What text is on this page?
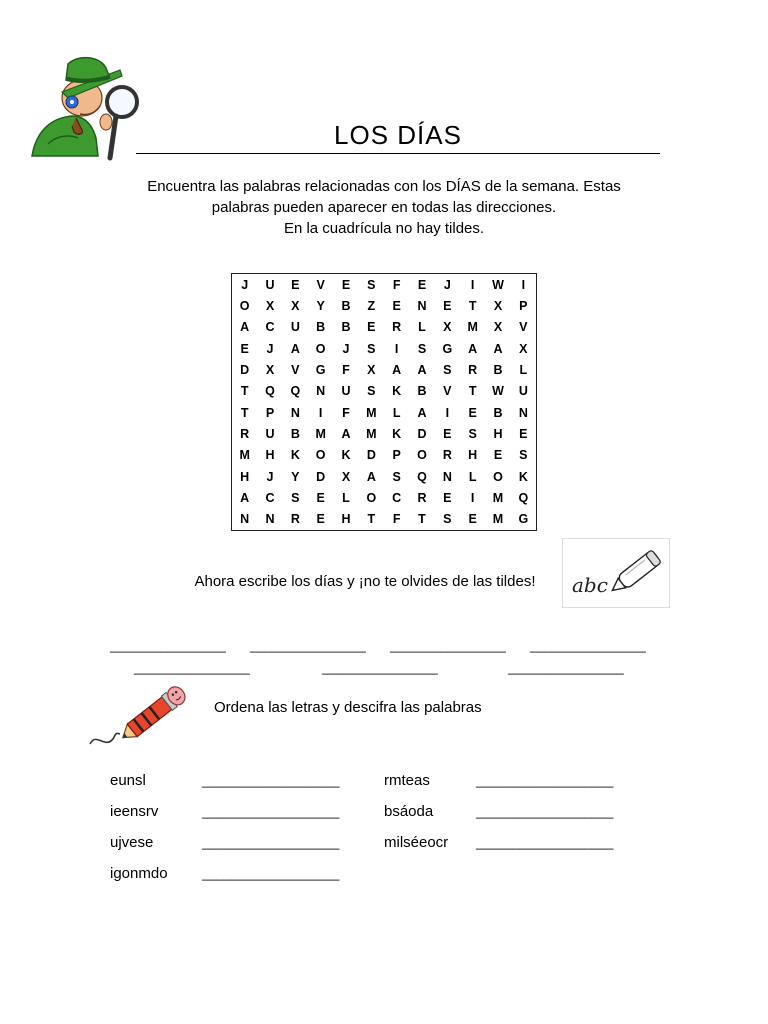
LOS DÍAS
Encuentra las palabras relacionadas con los DÍAS de la semana. Estas
palabras pueden aparecer en todas las direcciones.
En la cuadrícula no hay tildes.
J	U	E	V	E	S	F	E	J	I	W	I
O	X	X	Y	B	Z	E	N	E	T	X	P
A	C	U	B	B	E	R	L	X	M	X	V
E	J	A	O	J	S	I	S	G	A	A	X
D	X	V	G	F	X	A	A	S	R	B	L
T	Q	Q	N	U	S	K	B	V	T	W	U
T	P	N	I	F	M	L	A	I	E	B	N
R	U	B	M	A	M	K	D	E	S	H	E
M	H	K	O	K	D	P	O	R	H	E	S
H	J	Y	D	X	A	S	Q	N	L	O	K
A	C	S	E	L	O	C	R	E	I	M	Q
N	N	R	E	H	T	F	T	S	E	M	G
Ahora escribe los días y ¡no te olvides de las tildes!	abc
________________ ________________ ________________ ________________
________________	________________	________________
Ordena las letras y descifra las palabras
eunsl	___________________
ieensrv	___________________
ujvese	___________________
igonmdo	___________________
rmteas	___________________
bsáoda	___________________
milséeocr ___________________
